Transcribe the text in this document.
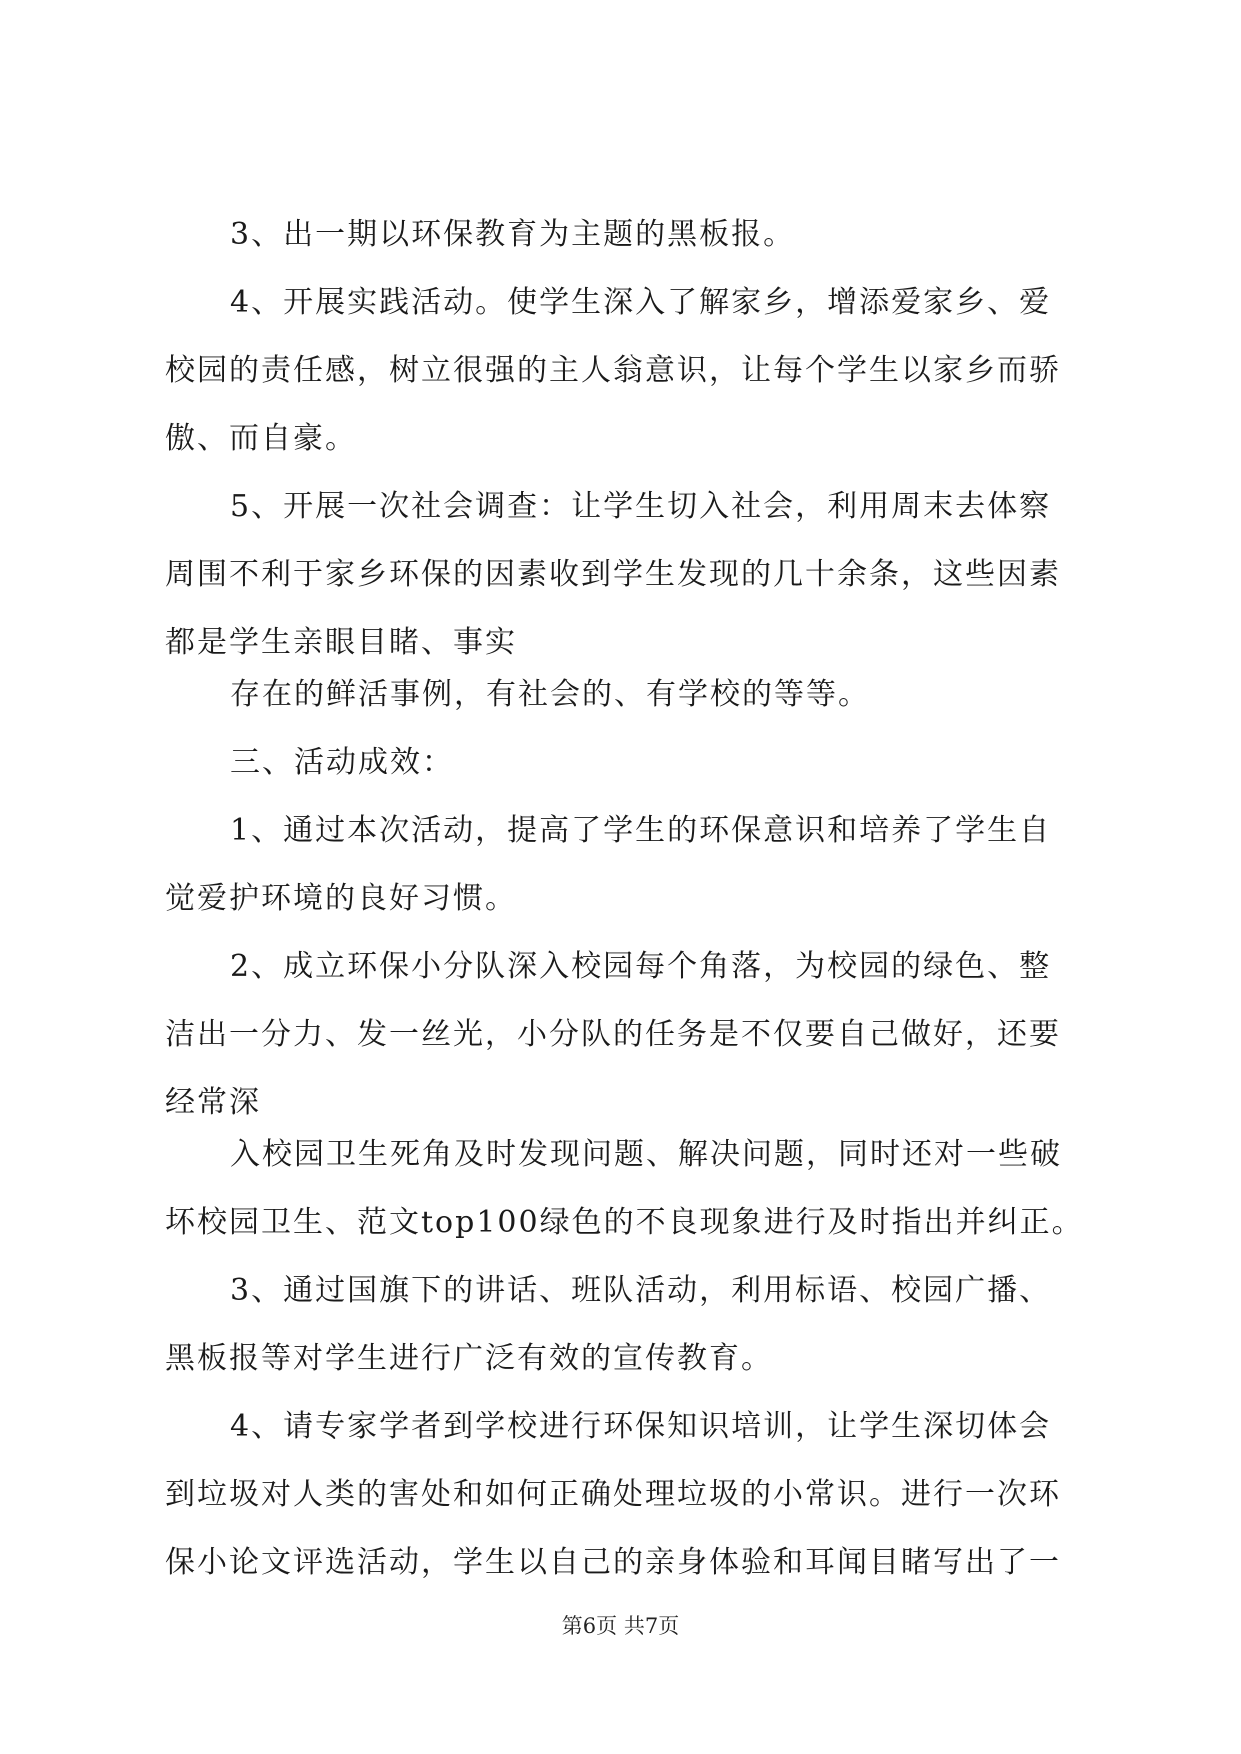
3、出一期以环保教育为主题的黑板报。
4、开展实践活动。使学生深入了解家乡，增添爱家乡、爱
校园的责任感，树立很强的主人翁意识，让每个学生以家乡而骄
傲、而自豪。
5、开展一次社会调查：让学生切入社会，利用周末去体察
周围不利于家乡环保的因素收到学生发现的几十余条，这些因素
都是学生亲眼目睹、事实
存在的鲜活事例，有社会的、有学校的等等。
三、活动成效：
1、通过本次活动，提高了学生的环保意识和培养了学生自
觉爱护环境的良好习惯。
2、成立环保小分队深入校园每个角落，为校园的绿色、整
洁出一分力、发一丝光，小分队的任务是不仅要自己做好，还要
经常深
入校园卫生死角及时发现问题、解决问题，同时还对一些破
坏校园卫生、范文top100绿色的不良现象进行及时指出并纠正。
3、通过国旗下的讲话、班队活动，利用标语、校园广播、
黑板报等对学生进行广泛有效的宣传教育。
4、请专家学者到学校进行环保知识培训，让学生深切体会
到垃圾对人类的害处和如何正确处理垃圾的小常识。进行一次环
保小论文评选活动，学生以自己的亲身体验和耳闻目睹写出了一
第6页 共7页
